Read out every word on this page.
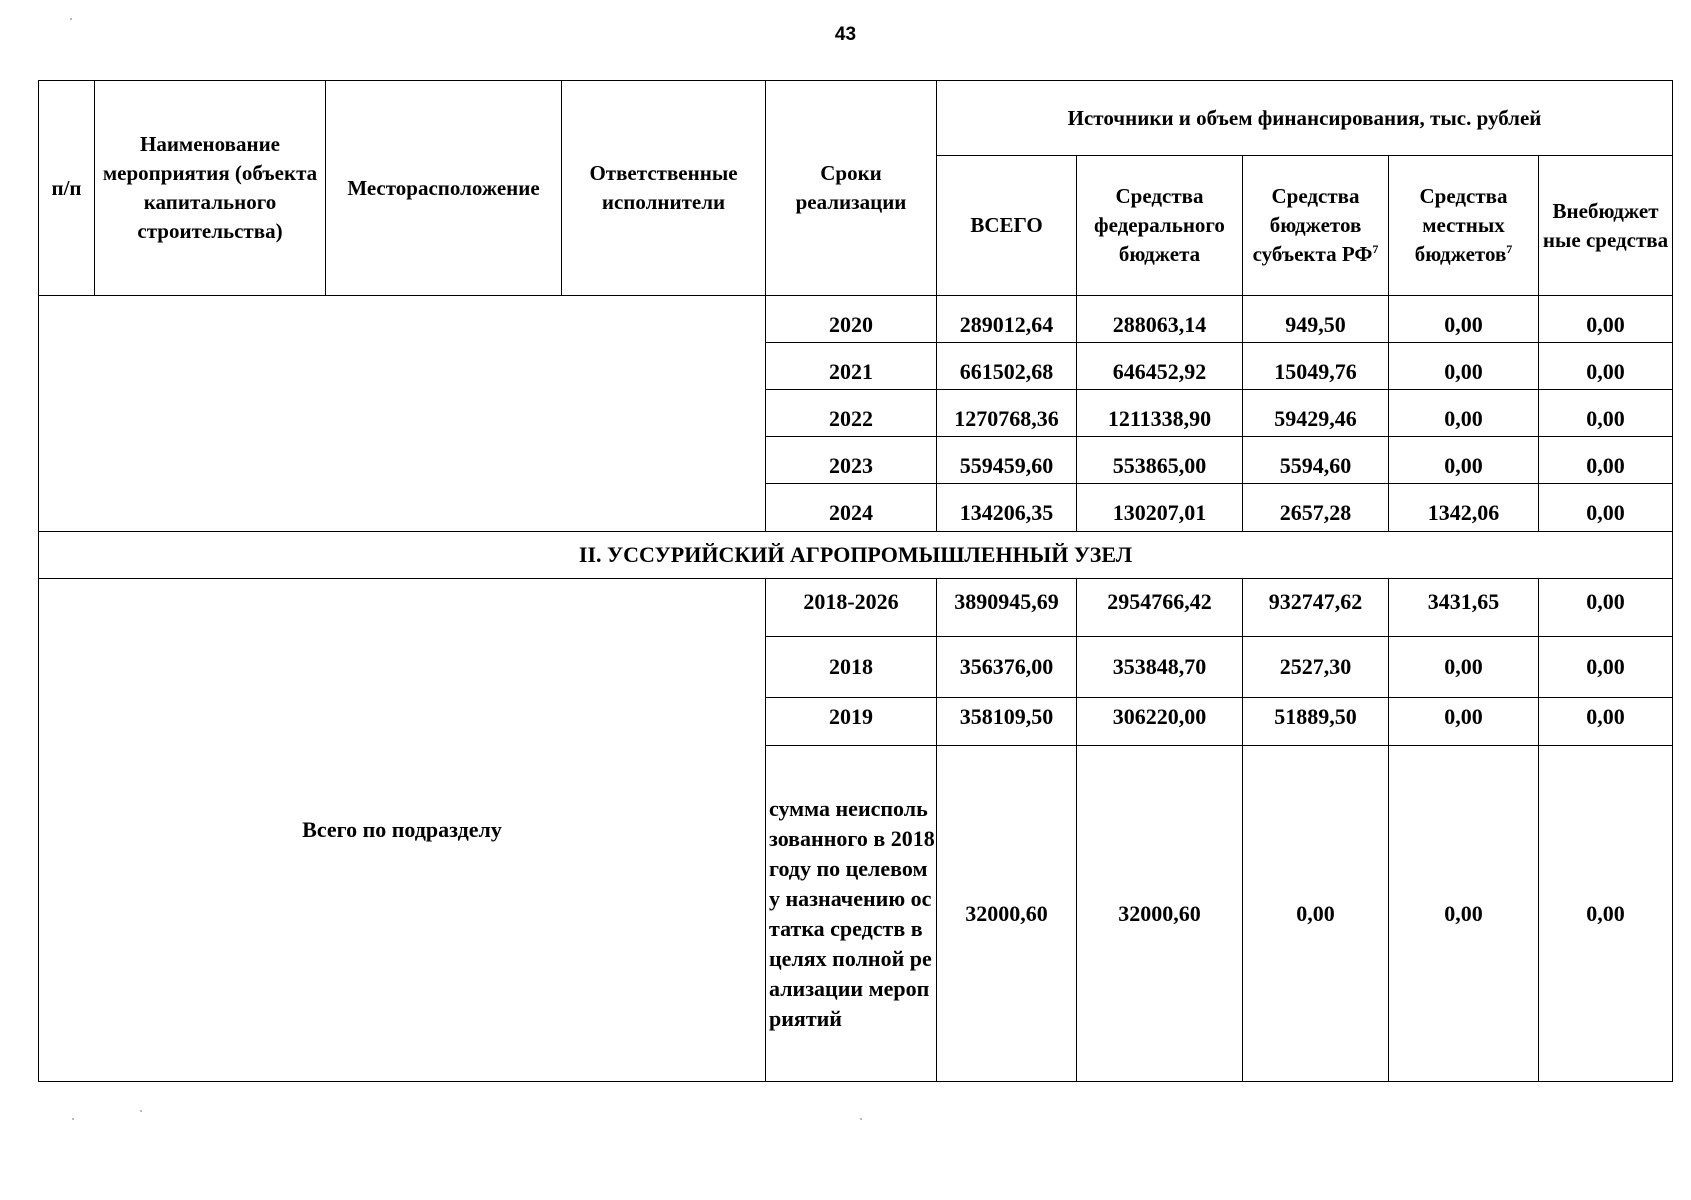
43
п/п	Наименование мероприятия (объекта капитального строительства)	Месторасположение	Ответственные исполнители	Сроки реализации	Источники и объем финансирования, тыс. рублей				
					ВСЕГО	Средства федерального бюджета	Средства бюджетов субъекта $РФ^7$	Средства местных бюджетов$^7$	Внебюджет ные средства
				2020	289012,64	288063,14	949,50	0,00	0,00
				2021	661502,68	646452,92	15049,76	0,00	0,00
				2022	1270768,36	1211338,90	59429,46	0,00	0,00
				2023	559459,60	553865,00	5594,60	0,00	0,00
				2024	134206,35	130207,01	2657,28	1342,06	0,00
II. УССУРИЙСКИЙ АГРОПРОМЫШЛЕННЫЙ УЗЕЛ									
Всего по подразделу				2018-2026	3890945,69	2954766,42	932747,62	3431,65	0,00
				2018	356376,00	353848,70	2527,30	0,00	0,00
				2019	358109,50	306220,00	51889,50	0,00	0,00
				сумма неиспользованного в 2018 году по целевому назначению остатка средств в целях полной реализации мероприятий	32000,60	32000,60	0,00	0,00	0,00
